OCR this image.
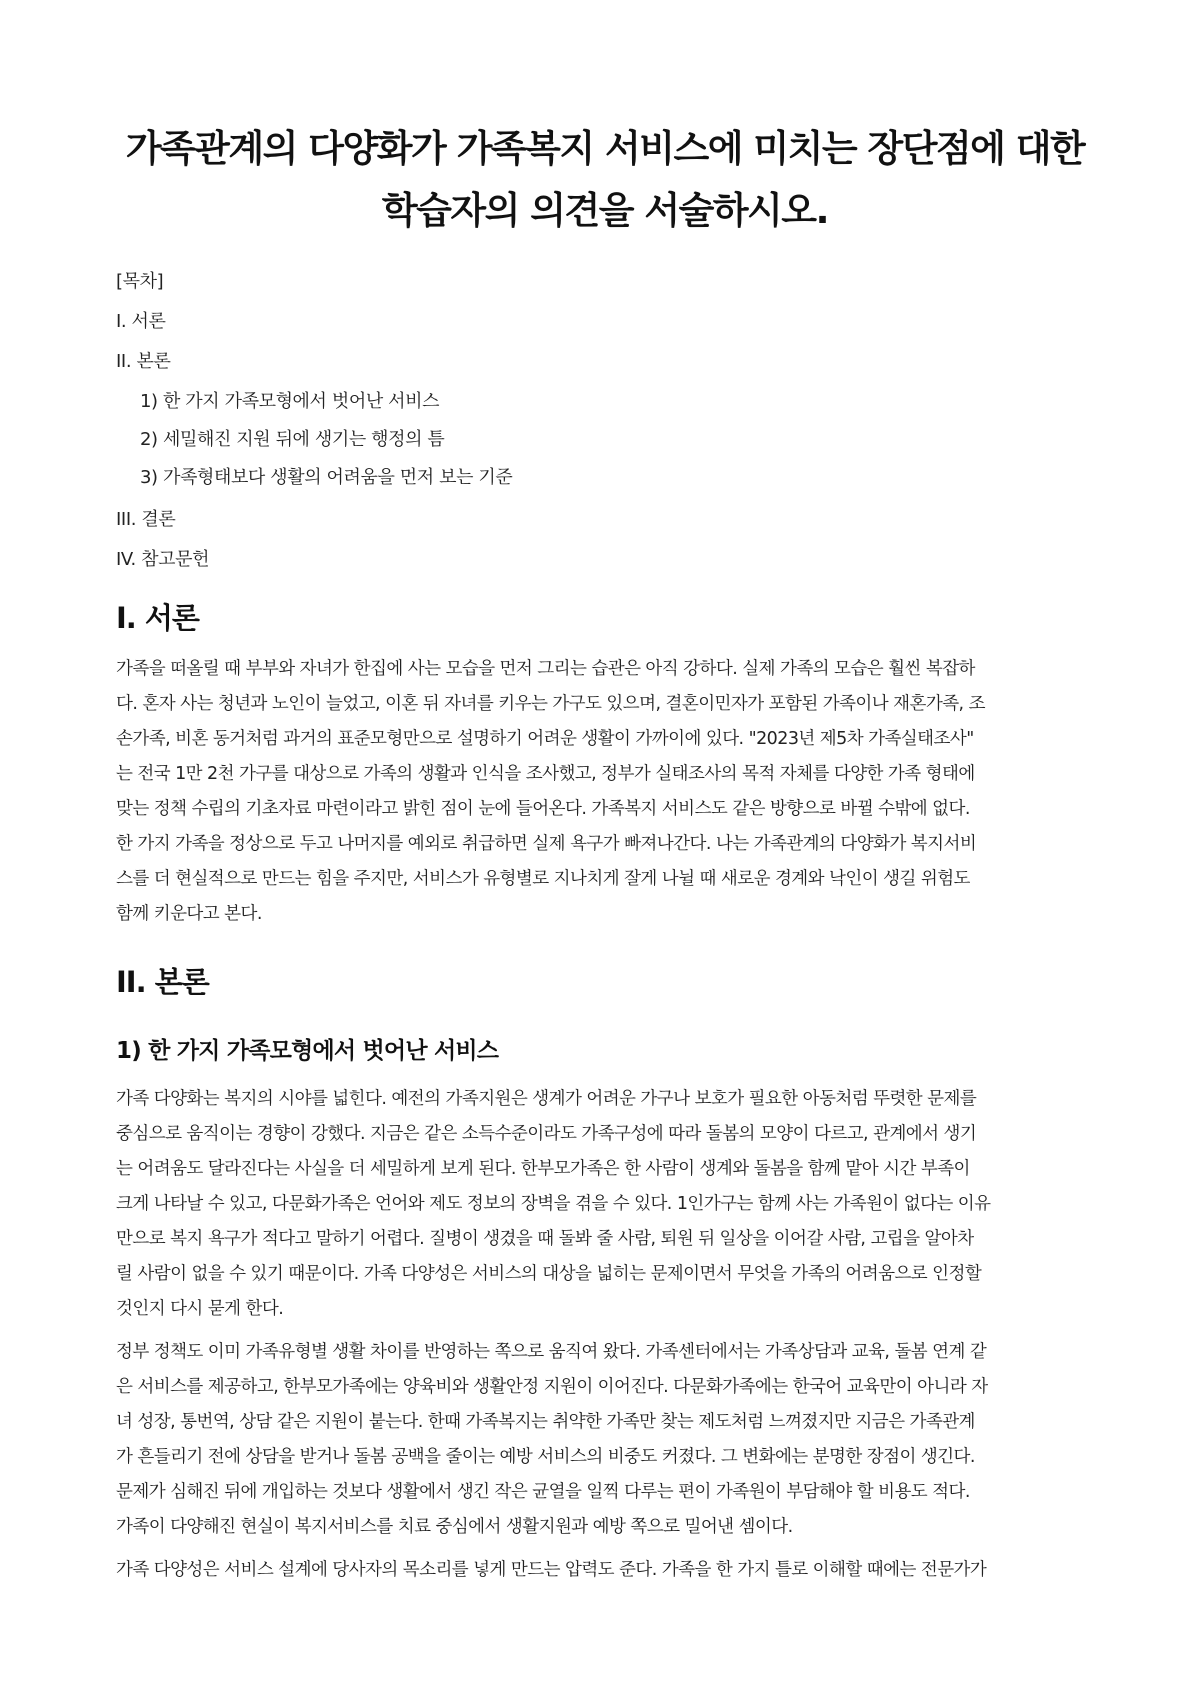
가족관계의 다양화가 가족복지 서비스에 미치는 장단점에 대한
학습자의 의견을 서술하시오.
[목차]
I. 서론
II. 본론
1) 한 가지 가족모형에서 벗어난 서비스
2) 세밀해진 지원 뒤에 생기는 행정의 틈
3) 가족형태보다 생활의 어려움을 먼저 보는 기준
III. 결론
IV. 참고문헌
I. 서론

가족을 떠올릴 때 부부와 자녀가 한집에 사는 모습을 먼저 그리는 습관은 아직 강하다. 실제 가족의 모습은 훨씬 복잡하
다. 혼자 사는 청년과 노인이 늘었고, 이혼 뒤 자녀를 키우는 가구도 있으며, 결혼이민자가 포함된 가족이나 재혼가족, 조
손가족, 비혼 동거처럼 과거의 표준모형만으로 설명하기 어려운 생활이 가까이에 있다. "2023년 제5차 가족실태조사"
는 전국 1만 2천 가구를 대상으로 가족의 생활과 인식을 조사했고, 정부가 실태조사의 목적 자체를 다양한 가족 형태에
맞는 정책 수립의 기초자료 마련이라고 밝힌 점이 눈에 들어온다. 가족복지 서비스도 같은 방향으로 바뀔 수밖에 없다.
한 가지 가족을 정상으로 두고 나머지를 예외로 취급하면 실제 욕구가 빠져나간다. 나는 가족관계의 다양화가 복지서비
스를 더 현실적으로 만드는 힘을 주지만, 서비스가 유형별로 지나치게 잘게 나뉠 때 새로운 경계와 낙인이 생길 위험도
함께 키운다고 본다.

II. 본론
1) 한 가지 가족모형에서 벗어난 서비스

가족 다양화는 복지의 시야를 넓힌다. 예전의 가족지원은 생계가 어려운 가구나 보호가 필요한 아동처럼 뚜렷한 문제를
중심으로 움직이는 경향이 강했다. 지금은 같은 소득수준이라도 가족구성에 따라 돌봄의 모양이 다르고, 관계에서 생기
는 어려움도 달라진다는 사실을 더 세밀하게 보게 된다. 한부모가족은 한 사람이 생계와 돌봄을 함께 맡아 시간 부족이
크게 나타날 수 있고, 다문화가족은 언어와 제도 정보의 장벽을 겪을 수 있다. 1인가구는 함께 사는 가족원이 없다는 이유
만으로 복지 욕구가 적다고 말하기 어렵다. 질병이 생겼을 때 돌봐 줄 사람, 퇴원 뒤 일상을 이어갈 사람, 고립을 알아차
릴 사람이 없을 수 있기 때문이다. 가족 다양성은 서비스의 대상을 넓히는 문제이면서 무엇을 가족의 어려움으로 인정할
것인지 다시 묻게 한다.

정부 정책도 이미 가족유형별 생활 차이를 반영하는 쪽으로 움직여 왔다. 가족센터에서는 가족상담과 교육, 돌봄 연계 같
은 서비스를 제공하고, 한부모가족에는 양육비와 생활안정 지원이 이어진다. 다문화가족에는 한국어 교육만이 아니라 자
녀 성장, 통번역, 상담 같은 지원이 붙는다. 한때 가족복지는 취약한 가족만 찾는 제도처럼 느껴졌지만 지금은 가족관계
가 흔들리기 전에 상담을 받거나 돌봄 공백을 줄이는 예방 서비스의 비중도 커졌다. 그 변화에는 분명한 장점이 생긴다.
문제가 심해진 뒤에 개입하는 것보다 생활에서 생긴 작은 균열을 일찍 다루는 편이 가족원이 부담해야 할 비용도 적다.
가족이 다양해진 현실이 복지서비스를 치료 중심에서 생활지원과 예방 쪽으로 밀어낸 셈이다.

가족 다양성은 서비스 설계에 당사자의 목소리를 넣게 만드는 압력도 준다. 가족을 한 가지 틀로 이해할 때에는 전문가가
